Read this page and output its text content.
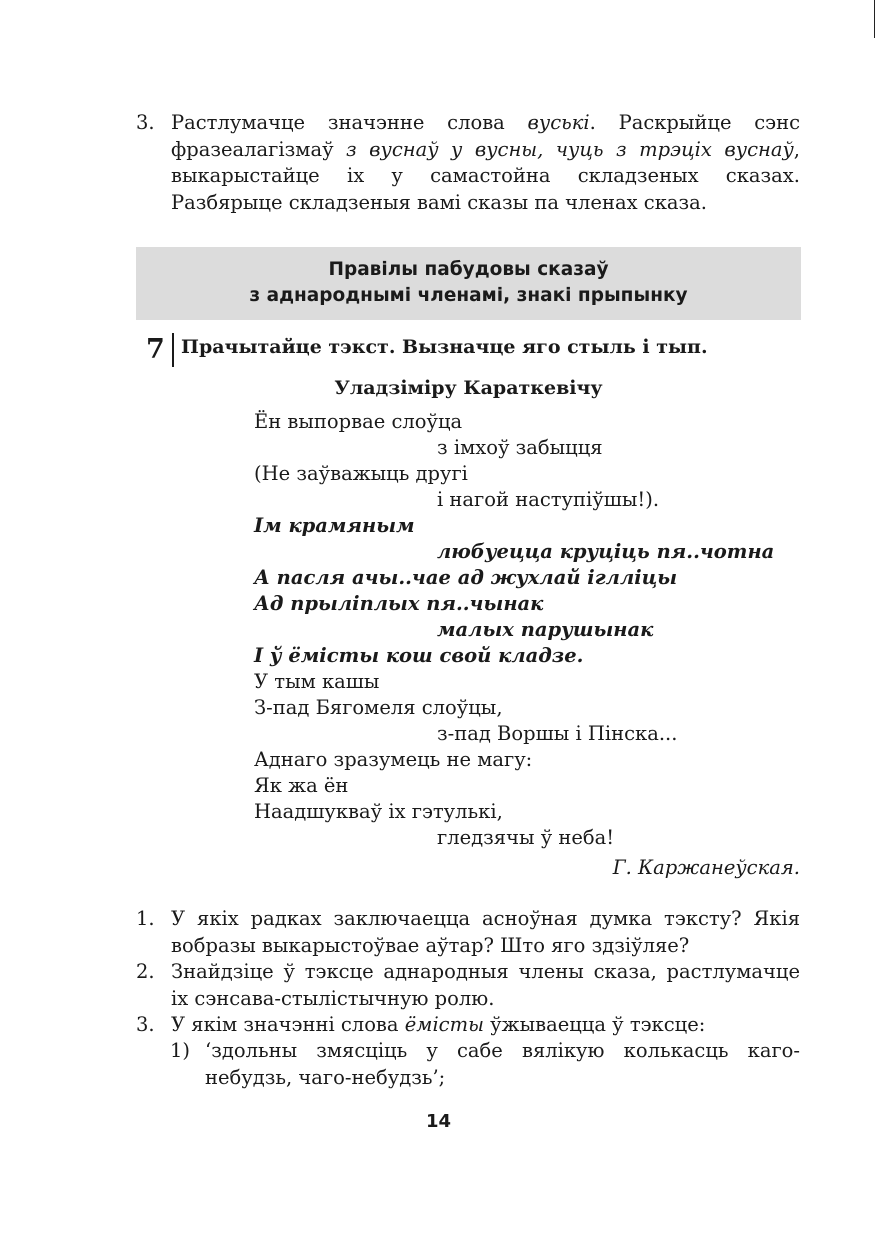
3. Растлумачце значэнне слова вуські. Раскрыйце сэнс фразеалагізмаў з вуснаў у вусны, чуць з трэціх вуснаў, выкарыстайце іх у самастойна складзеных сказах. Разбярыце складзеныя вамі сказы па членах сказа.
Правілы пабудовы сказаў
з аднароднымі членамі, знакі прыпынку
7 Прачытайце тэкст. Вызначце яго стыль і тып.
Уладзіміру Караткевічу
Ён выпорвае слоўца
з імхоў забыцця
(Не заўважыць другі
і нагой наступіўшы!).
Ім крамяным
любуецца круціць пя..чотна
А пасля ачы..чае ад жухлай іглліцы
Ад прыліплых пя..чынак
малых парушынак
І ў ёмісты кош свой кладзе.
У тым кашы
З-пад Бягомеля слоўцы,
з-пад Воршы і Пінска...
Аднаго зразумець не магу:
Як жа ён
Наадшукваў іх гэтулькі,
гледзячы ў неба!
Г. Каржанеўская.
1. У якіх радках заключаецца асноўная думка тэксту? Якія вобразы выкарыстоўвае аўтар? Што яго здзіўляе?
2. Знайдзіце ў тэксце аднародныя члены сказа, растлумачце іх сэнсава-стылістычную ролю.
3. У якім значэнні слова ёмісты ўжываецца ў тэксце:
1) ‘здольны змясціць у сабе вялікую колькасць каго-небудзь, чаго-небудзь’;
14
